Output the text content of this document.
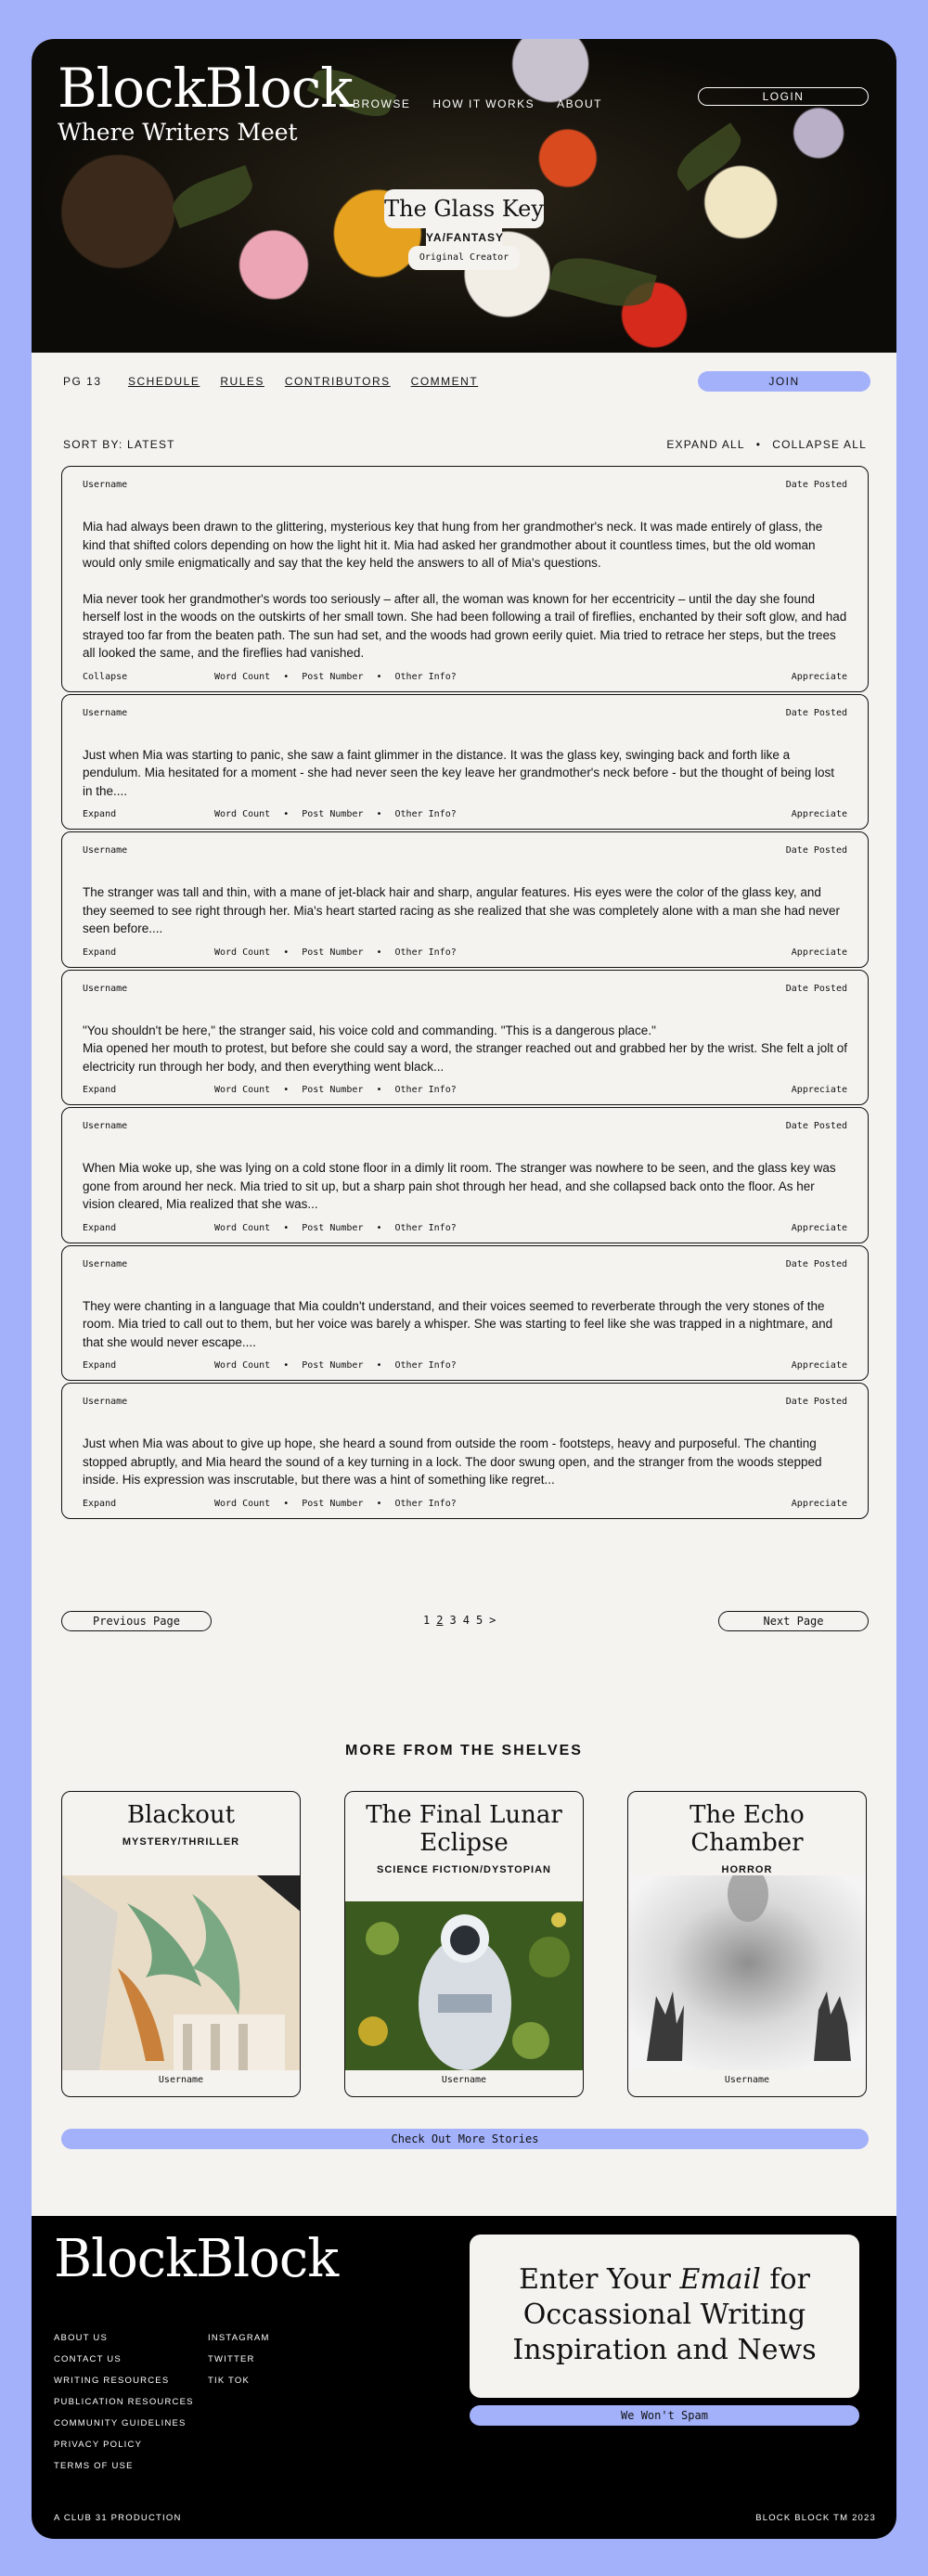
BlockBlock
Where Writers Meet
BROWSE HOW IT WORKS ABOUT
LOGIN
The Glass Key
YA/FANTASY
Original Creator
PG 13 SCHEDULE RULES CONTRIBUTORS COMMENT	JOIN
SORT BY: LATEST	EXPAND ALL • COLLAPSE ALL
Username	Date Posted

Mia had always been drawn to the glittering, mysterious key that hung from her grandmother's neck. It was made entirely of glass, the kind that shifted colors depending on how the light hit it. Mia had asked her grandmother about it countless times, but the old woman would only smile enigmatically and say that the key held the answers to all of Mia's questions.

Mia never took her grandmother's words too seriously – after all, the woman was known for her eccentricity – until the day she found herself lost in the woods on the outskirts of her small town. She had been following a trail of fireflies, enchanted by their soft glow, and had strayed too far from the beaten path. The sun had set, and the woods had grown eerily quiet. Mia tried to retrace her steps, but the trees all looked the same, and the fireflies had vanished.

Collapse	Word Count • Post Number • Other Info?	Appreciate
Username	Date Posted

Just when Mia was starting to panic, she saw a faint glimmer in the distance. It was the glass key, swinging back and forth like a pendulum. Mia hesitated for a moment - she had never seen the key leave her grandmother's neck before - but the thought of being lost in the....

Expand	Word Count • Post Number • Other Info?	Appreciate
Username	Date Posted

The stranger was tall and thin, with a mane of jet-black hair and sharp, angular features. His eyes were the color of the glass key, and they seemed to see right through her. Mia's heart started racing as she realized that she was completely alone with a man she had never seen before....

Expand	Word Count • Post Number • Other Info?	Appreciate
Username	Date Posted

"You shouldn't be here," the stranger said, his voice cold and commanding. "This is a dangerous place."
Mia opened her mouth to protest, but before she could say a word, the stranger reached out and grabbed her by the wrist. She felt a jolt of electricity run through her body, and then everything went black...

Expand	Word Count • Post Number • Other Info?	Appreciate
Username	Date Posted

When Mia woke up, she was lying on a cold stone floor in a dimly lit room. The stranger was nowhere to be seen, and the glass key was gone from around her neck. Mia tried to sit up, but a sharp pain shot through her head, and she collapsed back onto the floor. As her vision cleared, Mia realized that she was...

Expand	Word Count • Post Number • Other Info?	Appreciate
Username	Date Posted

They were chanting in a language that Mia couldn't understand, and their voices seemed to reverberate through the very stones of the room. Mia tried to call out to them, but her voice was barely a whisper. She was starting to feel like she was trapped in a nightmare, and that she would never escape....

Expand	Word Count • Post Number • Other Info?	Appreciate
Username	Date Posted

Just when Mia was about to give up hope, she heard a sound from outside the room - footsteps, heavy and purposeful. The chanting stopped abruptly, and Mia heard the sound of a key turning in a lock. The door swung open, and the stranger from the woods stepped inside. His expression was inscrutable, but there was a hint of something like regret...

Expand	Word Count • Post Number • Other Info?	Appreciate
Previous Page	1 2 3 4 5 >	Next Page
MORE FROM THE SHELVES
Blackout
MYSTERY/THRILLER
Username
The Final Lunar Eclipse
SCIENCE FICTION/DYSTOPIAN
Username
The Echo Chamber
HORROR
Username
Check Out More Stories
BlockBlock
ABOUT US
CONTACT US
WRITING RESOURCES
PUBLICATION RESOURCES
COMMUNITY GUIDELINES
PRIVACY POLICY
TERMS OF USE
INSTAGRAM
TWITTER
TIK TOK
Enter Your Email for Occassional Writing Inspiration and News
We Won't Spam
A CLUB 31 PRODUCTION	BLOCK BLOCK TM 2023
